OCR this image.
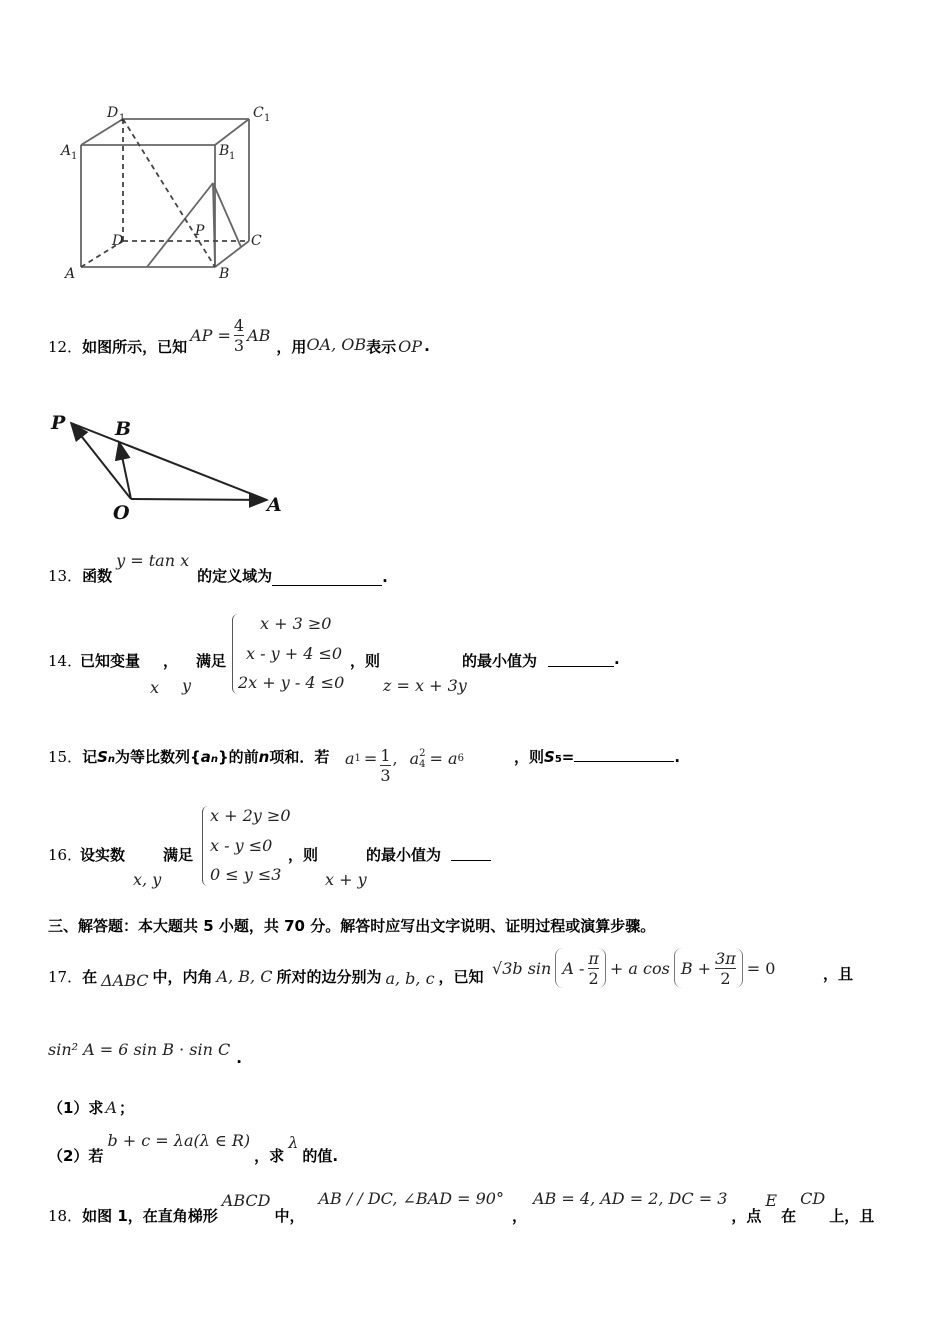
D 1	C 1
A 1	B 1
D
P
C
A	B
12． 如图所示，已知
AP = $\frac{4}{3}$ AB
，用 OA, OB 表示 OP .
P	B
O	A
13． 函数
y = tan x
的定义域为	.
14．
已知变量 ，
x y
满足
x + 3 ≥0
x - y + 4 ≤0
2x + y - 4 ≤0
，则
z = x + 3y
的最小值为	.
15． 记 S n 为等比数列{ a n }的前 n 项和．若 a $1 = \frac{1}{3}$ , a 2
4 = a 6	，则 S 5 =	.
16．
设实数
x, y
满足
x + 2y ≥0
x - y ≤0
0 ≤ y ≤3
，则
x + y
的最小值为
三、解答题：本大题共 5 小题，共 70 分。解答时应写出文字说明、证明过程或演算步骤。
17． 在 ΔABC 中，内角 A, B, C 所对的边分别为 a, b, c ，已知 √3b $\sin A - \frac{\pi}{2} + a$ $\cos B + \frac{3\pi}{2} = 0$	，且
sin² A = 6 sin B · sin C .
（1）求 A ；
（2）若
b + c = λa(λ ∈ R)
，求
λ
的值.
18． 如图 1，在直角梯形
ABCD
中，
AB / / DC, ∠BAD = 90°
，
AB = 4, AD = 2, DC = 3
，点
E
在
CD
上，且
